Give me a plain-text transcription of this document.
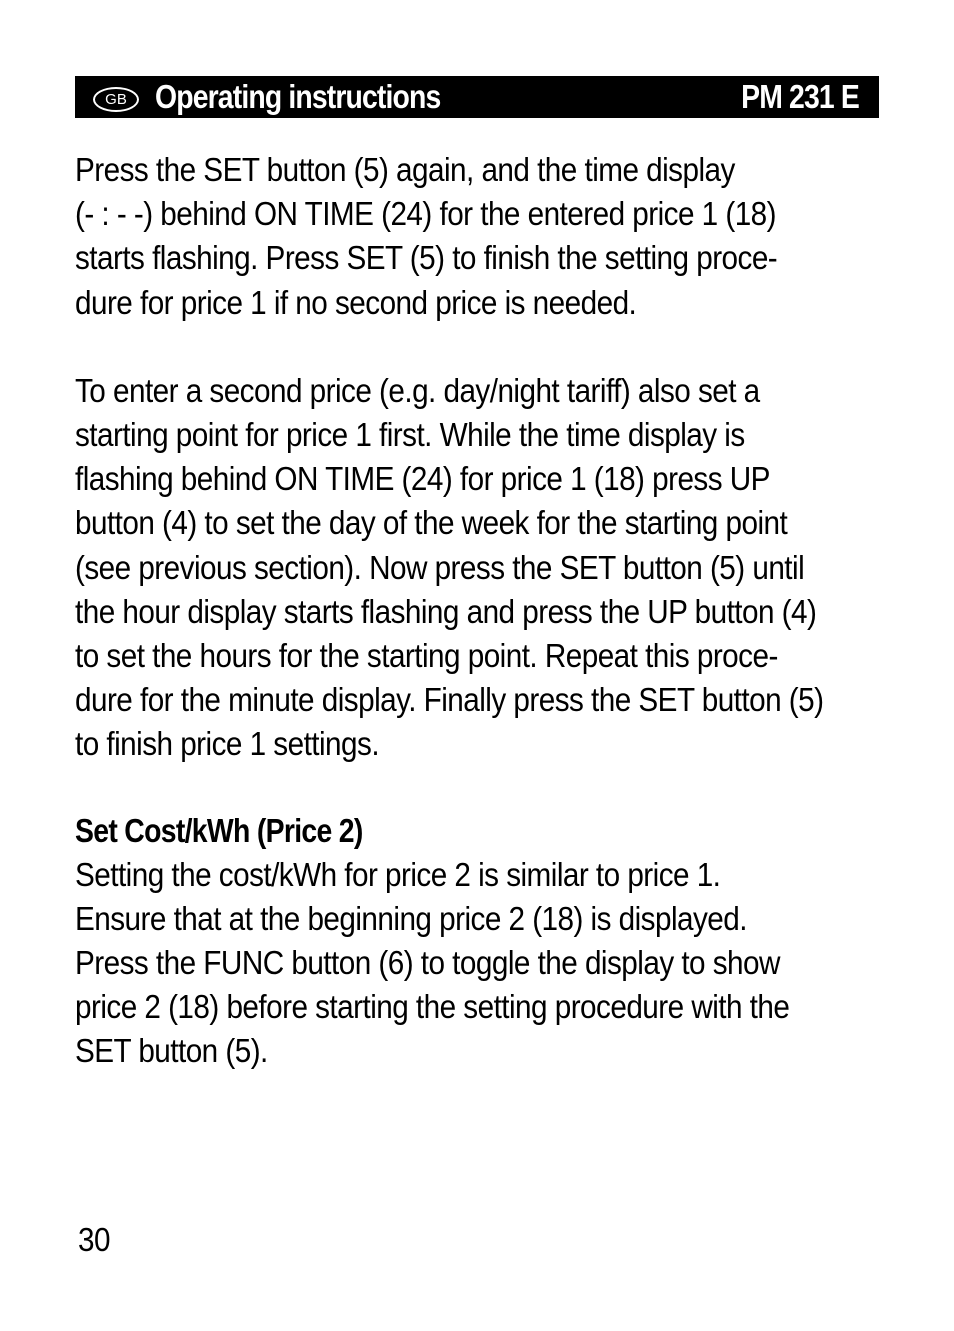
GB Operating instructions	PM 231 E

Press the SET button (5) again, and the time display
(- : - -) behind ON TIME (24) for the entered price 1 (18)
starts flashing. Press SET (5) to finish the setting proce-
dure for price 1 if no second price is needed.

To enter a second price (e.g. day/night tariff) also set a
starting point for price 1 first. While the time display is
flashing behind ON TIME (24) for price 1 (18) press UP
button (4) to set the day of the week for the starting point
(see previous section). Now press the SET button (5) until
the hour display starts flashing and press the UP button (4)
to set the hours for the starting point. Repeat this proce-
dure for the minute display. Finally press the SET button (5)
to finish price 1 settings.

Set Cost/kWh (Price 2)

Setting the cost/kWh for price 2 is similar to price 1.
Ensure that at the beginning price 2 (18) is displayed.
Press the FUNC button (6) to toggle the display to show
price 2 (18) before starting the setting procedure with the
SET button (5).

30
